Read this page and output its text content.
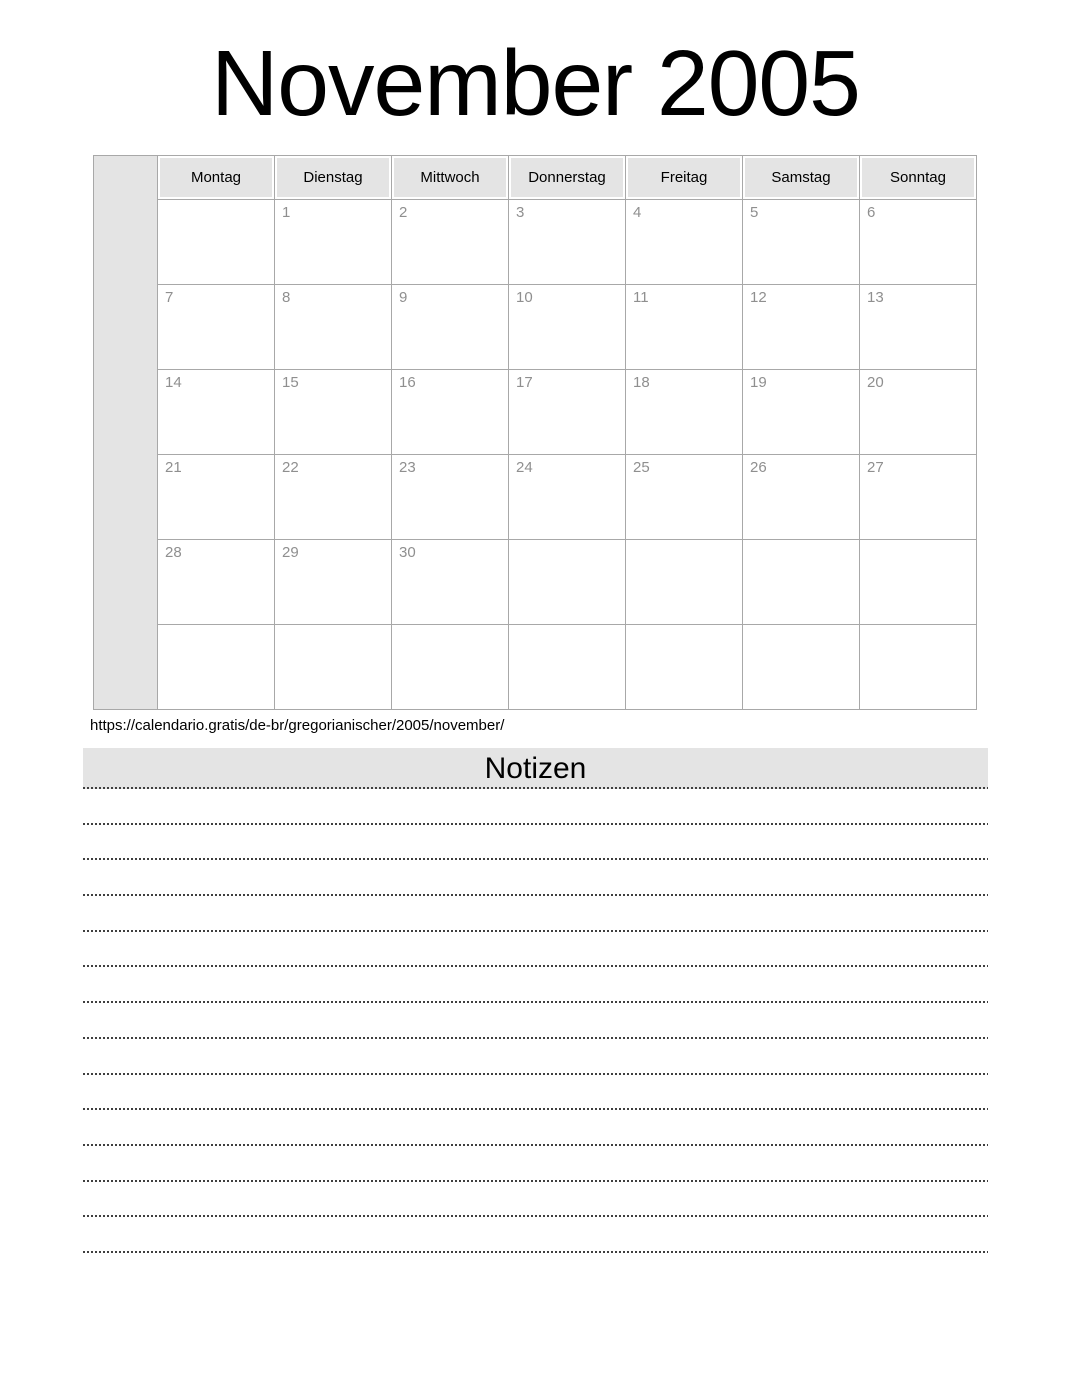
November 2005
	Montag	Dienstag	Mittwoch	Donnerstag	Freitag	Samstag	Sonntag

		1	2	3	4	5	6

	7	8	9	10	11	12	13

	14	15	16	17	18	19	20

	21	22	23	24	25	26	27

	28	29	30				

https://calendario.gratis/de-br/gregorianischer/2005/november/
Notizen
